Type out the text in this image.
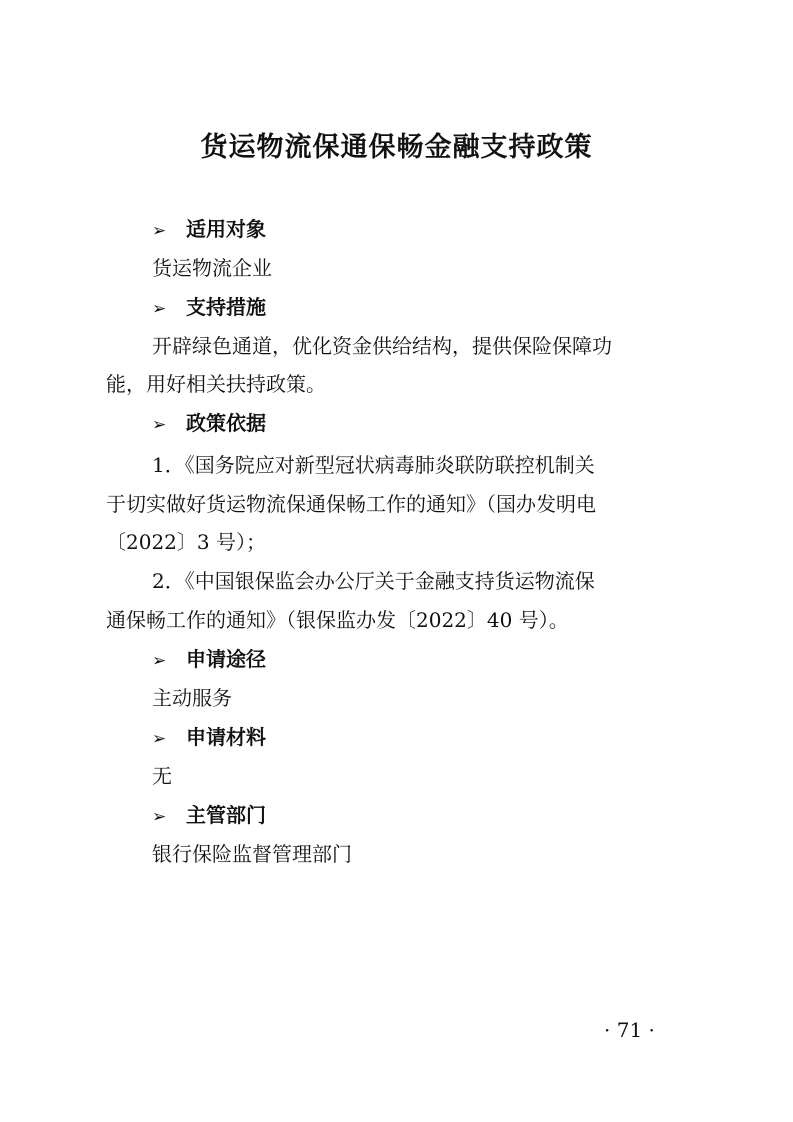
货运物流保通保畅金融支持政策
➢ 适用对象
货运物流企业
➢ 支持措施
开辟绿色通道，优化资金供给结构，提供保险保障功
能，用好相关扶持政策。
➢ 政策依据
1．《国务院应对新型冠状病毒肺炎联防联控机制关
于切实做好货运物流保通保畅工作的通知》（国办发明电
〔2022〕3 号）；
2．《中国银保监会办公厅关于金融支持货运物流保
通保畅工作的通知》（银保监办发〔2022〕40 号）。
➢ 申请途径
主动服务
➢ 申请材料
无
➢ 主管部门
银行保险监督管理部门
· 71 ·
